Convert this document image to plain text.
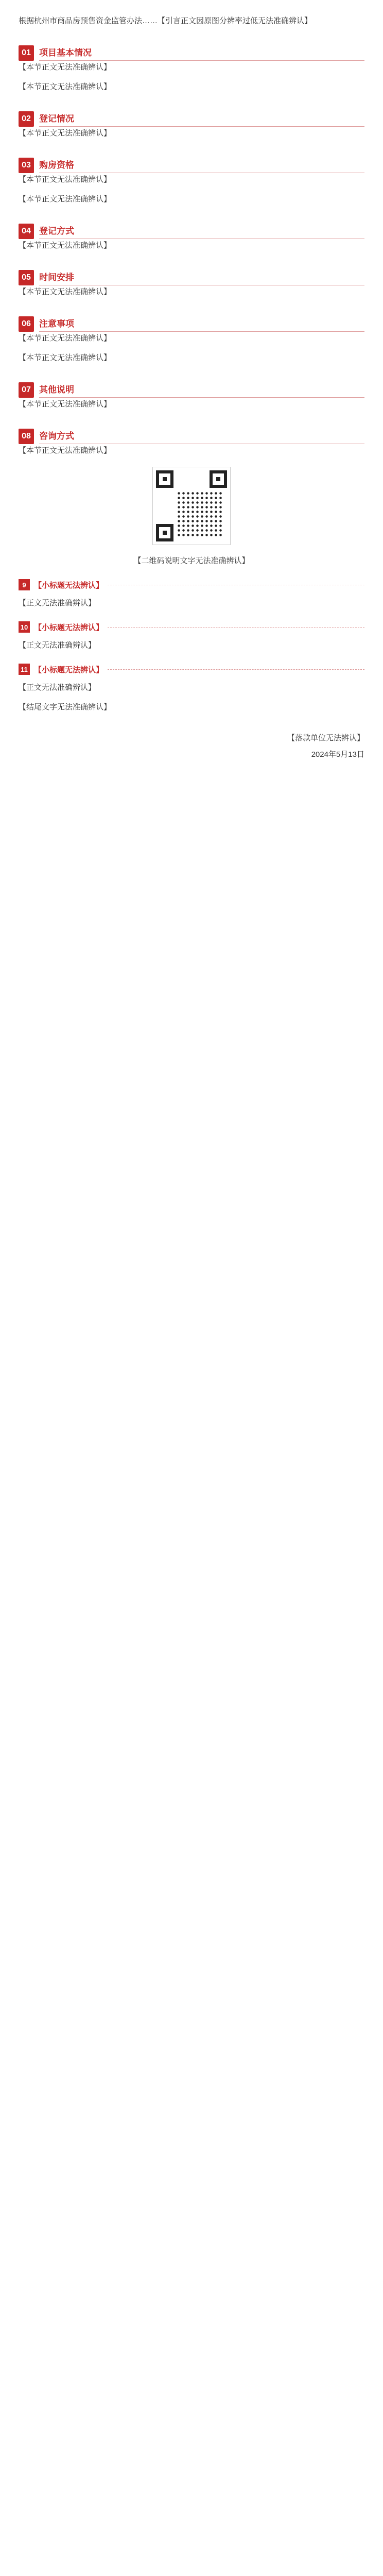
根据杭州市商品房预售资金监管办法……【引言正文因原图分辨率过低无法准确辨认】

01 项目基本情况

【本节正文无法准确辨认】

【本节正文无法准确辨认】

02 登记情况

【本节正文无法准确辨认】

03 购房资格

【本节正文无法准确辨认】

【本节正文无法准确辨认】

04 登记方式

【本节正文无法准确辨认】

05 时间安排

【本节正文无法准确辨认】

06 注意事项

【本节正文无法准确辨认】

【本节正文无法准确辨认】

07 其他说明

【本节正文无法准确辨认】

08 咨询方式

【本节正文无法准确辨认】

【二维码说明文字无法准确辨认】

9	【小标题无法辨认】

【正文无法准确辨认】

10 【小标题无法辨认】

【正文无法准确辨认】

11 【小标题无法辨认】

【正文无法准确辨认】

【结尾文字无法准确辨认】

【落款单位无法辨认】

2024年5月13日
